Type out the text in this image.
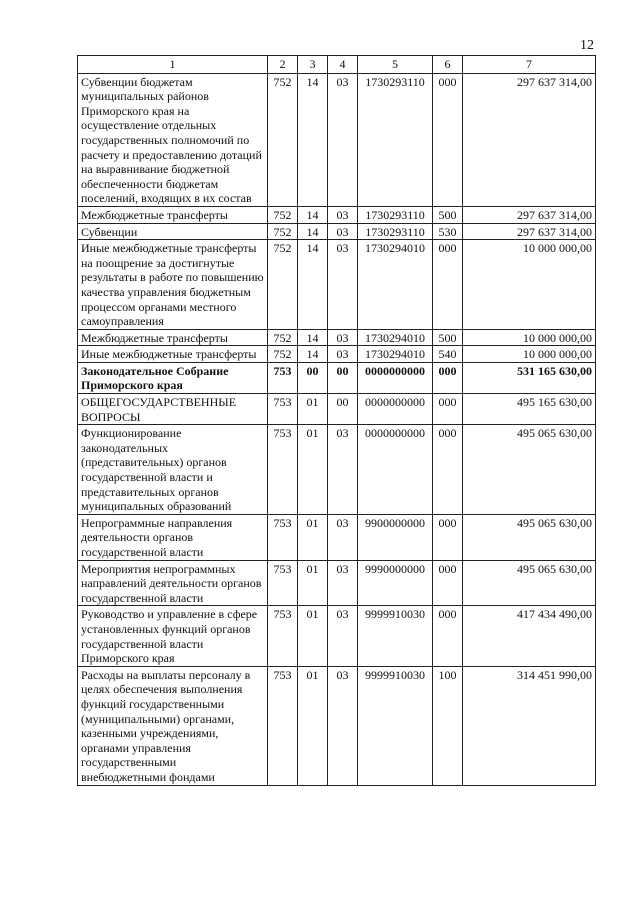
12
1	2	3	4	5	6	7
Субвенции бюджетам муниципальных районов Приморского края на осуществление отдельных государственных полномочий по расчету и предоставлению дотаций на выравнивание бюджетной обеспеченности бюджетам поселений, входящих в их состав	752	14	03	1730293110	000	297 637 314,00
Межбюджетные трансферты	752	14	03	1730293110	500	297 637 314,00
Субвенции	752	14	03	1730293110	530	297 637 314,00
Иные межбюджетные трансферты на поощрение за достигнутые результаты в работе по повышению качества управления бюджетным процессом органами местного самоуправления	752	14	03	1730294010	000	10 000 000,00
Межбюджетные трансферты	752	14	03	1730294010	500	10 000 000,00
Иные межбюджетные трансферты	752	14	03	1730294010	540	10 000 000,00
Законодательное Собрание Приморского края	753	00	00	0000000000	000	531 165 630,00
ОБЩЕГОСУДАРСТВЕННЫЕ ВОПРОСЫ	753	01	00	0000000000	000	495 165 630,00
Функционирование законодательных (представительных) органов государственной власти и представительных органов муниципальных образований	753	01	03	0000000000	000	495 065 630,00
Непрограммные направления деятельности органов государственной власти	753	01	03	9900000000	000	495 065 630,00
Мероприятия непрограммных направлений деятельности органов государственной власти	753	01	03	9990000000	000	495 065 630,00
Руководство и управление в сфере установленных функций органов государственной власти Приморского края	753	01	03	9999910030	000	417 434 490,00
Расходы на выплаты персоналу в целях обеспечения выполнения функций государственными (муниципальными) органами, казенными учреждениями, органами управления государственными внебюджетными фондами	753	01	03	9999910030	100	314 451 990,00
